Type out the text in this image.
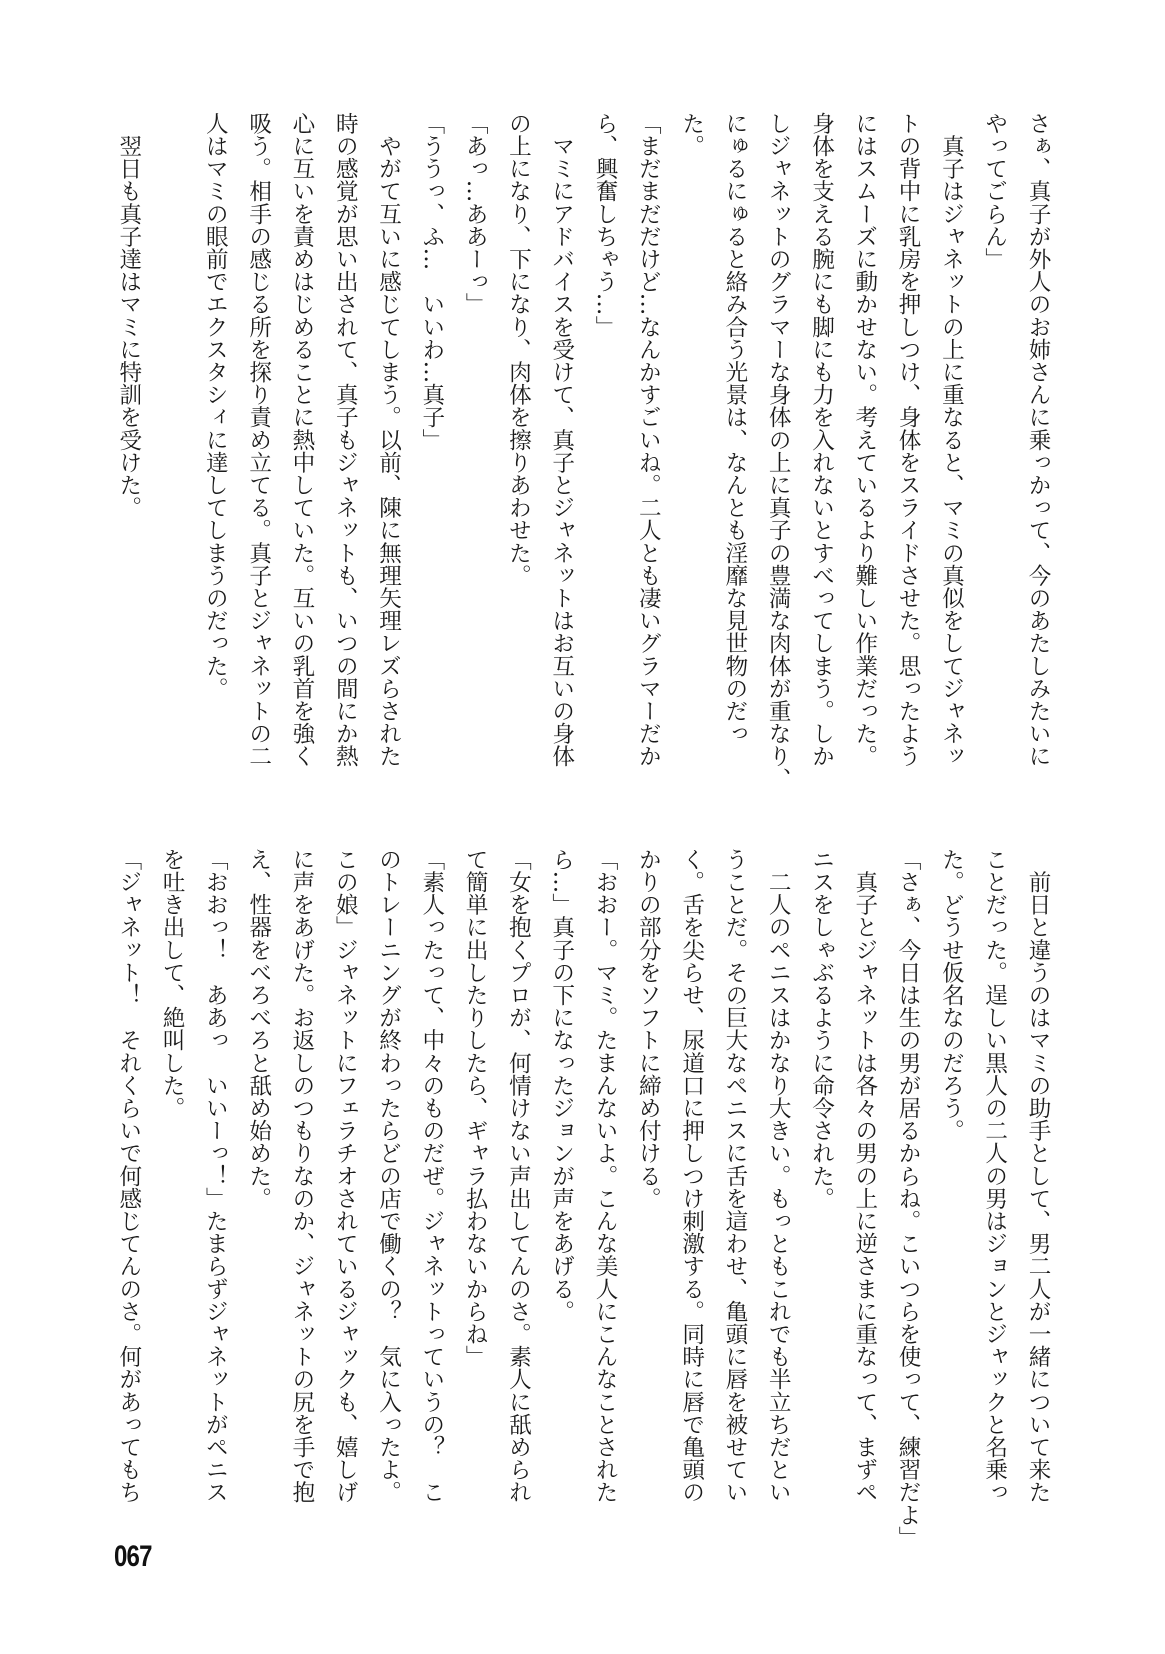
さぁ、真子が外人のお姉さんに乗っかって、今のあたしみたいに
やってごらん」
　真子はジャネットの上に重なると、マミの真似をしてジャネッ
トの背中に乳房を押しつけ、身体をスライドさせた。思ったよう
にはスムーズに動かせない。考えているより難しい作業だった。
身体を支える腕にも脚にも力を入れないとすべってしまう。しか
しジャネットのグラマーな身体の上に真子の豊満な肉体が重なり、
にゅるにゅると絡み合う光景は、なんとも淫靡な見世物のだっ
た。
「まだまだだけど…なんかすごいね。二人とも凄いグラマーだか
ら、興奮しちゃう…」
　マミにアドバイスを受けて、真子とジャネットはお互いの身体
の上になり、下になり、肉体を擦りあわせた。
「あっ…ああーっ」
「ううっ、ふ…　いいわ…真子」
　やがて互いに感じてしまう。以前、陳に無理矢理レズらされた
時の感覚が思い出されて、真子もジャネットも、いつの間にか熱
心に互いを責めはじめることに熱中していた。互いの乳首を強く
吸う。相手の感じる所を探り責め立てる。真子とジャネットの二
人はマミの眼前でエクスタシィに達してしまうのだった。

　翌日も真子達はマミに特訓を受けた。
　前日と違うのはマミの助手として、男二人が一緒について来た
ことだった。逞しい黒人の二人の男はジョンとジャックと名乗っ
た。どうせ仮名なのだろう。
「さぁ、今日は生の男が居るからね。こいつらを使って、練習だよ」
　真子とジャネットは各々の男の上に逆さまに重なって、まずペ
ニスをしゃぶるように命令された。
　二人のペニスはかなり大きい。もっともこれでも半立ちだとい
うことだ。その巨大なペニスに舌を這わせ、亀頭に唇を被せてい
く。舌を尖らせ、尿道口に押しつけ刺激する。同時に唇で亀頭の
かりの部分をソフトに締め付ける。
「おおー。マミ。たまんないよ。こんな美人にこんなことされた
ら…」真子の下になったジョンが声をあげる。
「女を抱くプロが、何情けない声出してんのさ。素人に舐められ
て簡単に出したりしたら、ギャラ払わないからね」
「素人ったって、中々のものだぜ。ジャネットっていうの？　こ
のトレーニングが終わったらどの店で働くの？　気に入ったよ。
この娘」ジャネットにフェラチオされているジャックも、嬉しげ
に声をあげた。お返しのつもりなのか、ジャネットの尻を手で抱
え、性器をべろべろと舐め始めた。
「おおっ！　ああっ　いいーっ！」たまらずジャネットがペニス
を吐き出して、絶叫した。
「ジャネット！　それくらいで何感じてんのさ。何があってもち
067
